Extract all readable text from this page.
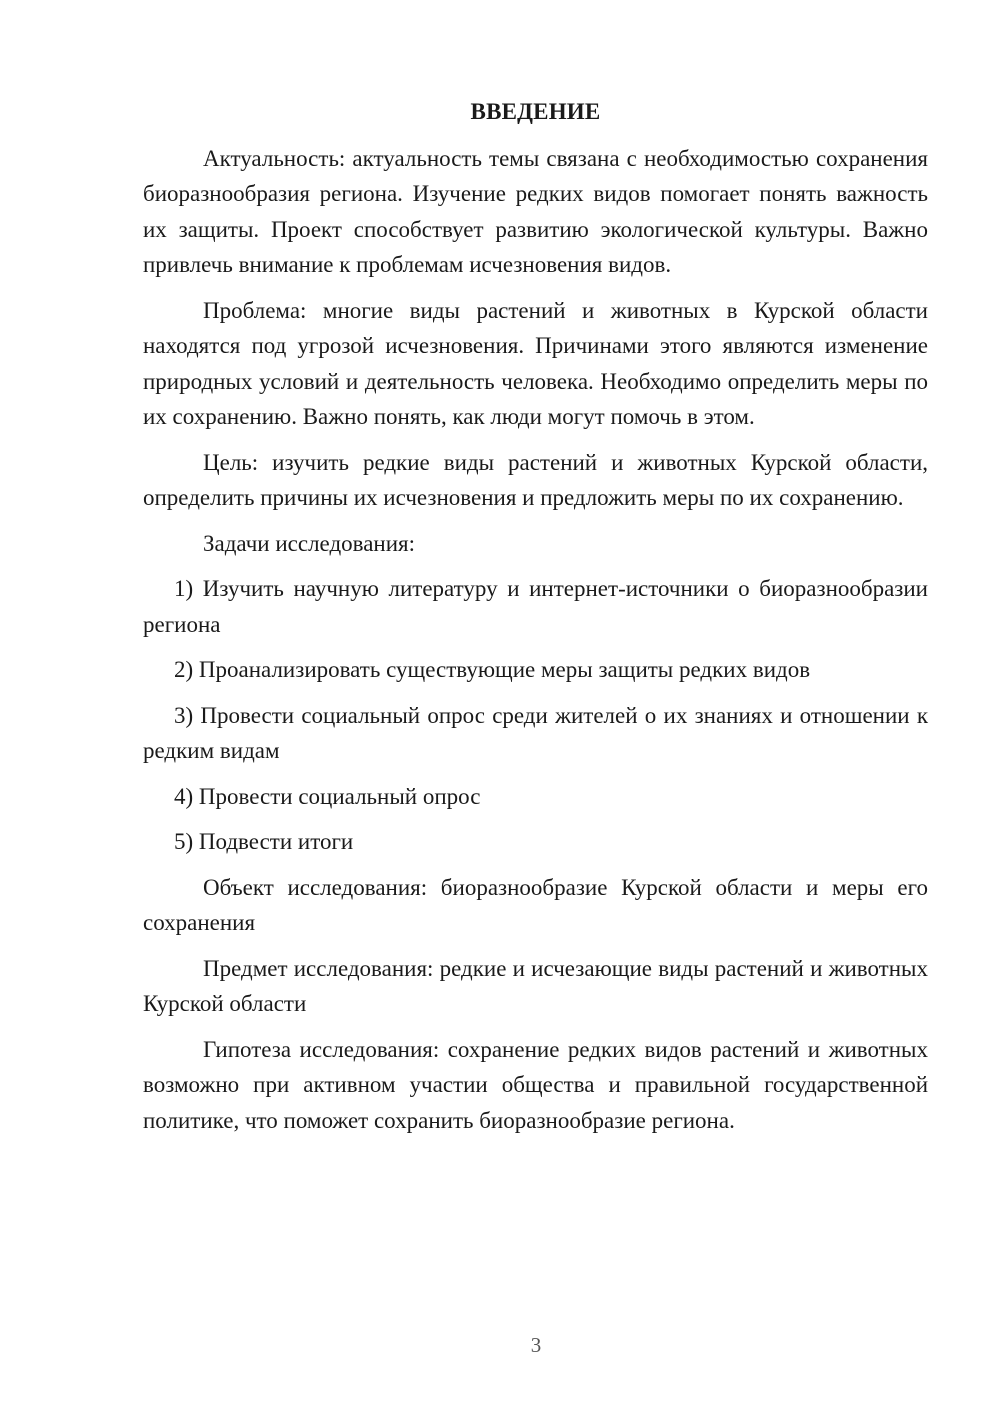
ВВЕДЕНИЕ

Актуальность: актуальность темы связана с необходимостью сохранения биоразнообразия региона. Изучение редких видов помогает понять важность их защиты. Проект способствует развитию экологической культуры. Важно привлечь внимание к проблемам исчезновения видов.

Проблема: многие виды растений и животных в Курской области находятся под угрозой исчезновения. Причинами этого являются изменение природных условий и деятельность человека. Необходимо определить меры по их сохранению. Важно понять, как люди могут помочь в этом.

Цель: изучить редкие виды растений и животных Курской области, определить причины их исчезновения и предложить меры по их сохранению.

Задачи исследования:

1) Изучить научную литературу и интернет-источники о биоразнообразии региона

2) Проанализировать существующие меры защиты редких видов

3) Провести социальный опрос среди жителей о их знаниях и отношении к редким видам

4) Провести социальный опрос

5) Подвести итоги

Объект исследования: биоразнообразие Курской области и меры его сохранения

Предмет исследования: редкие и исчезающие виды растений и животных Курской области

Гипотеза исследования: сохранение редких видов растений и животных возможно при активном участии общества и правильной государственной политике, что поможет сохранить биоразнообразие региона.

3
